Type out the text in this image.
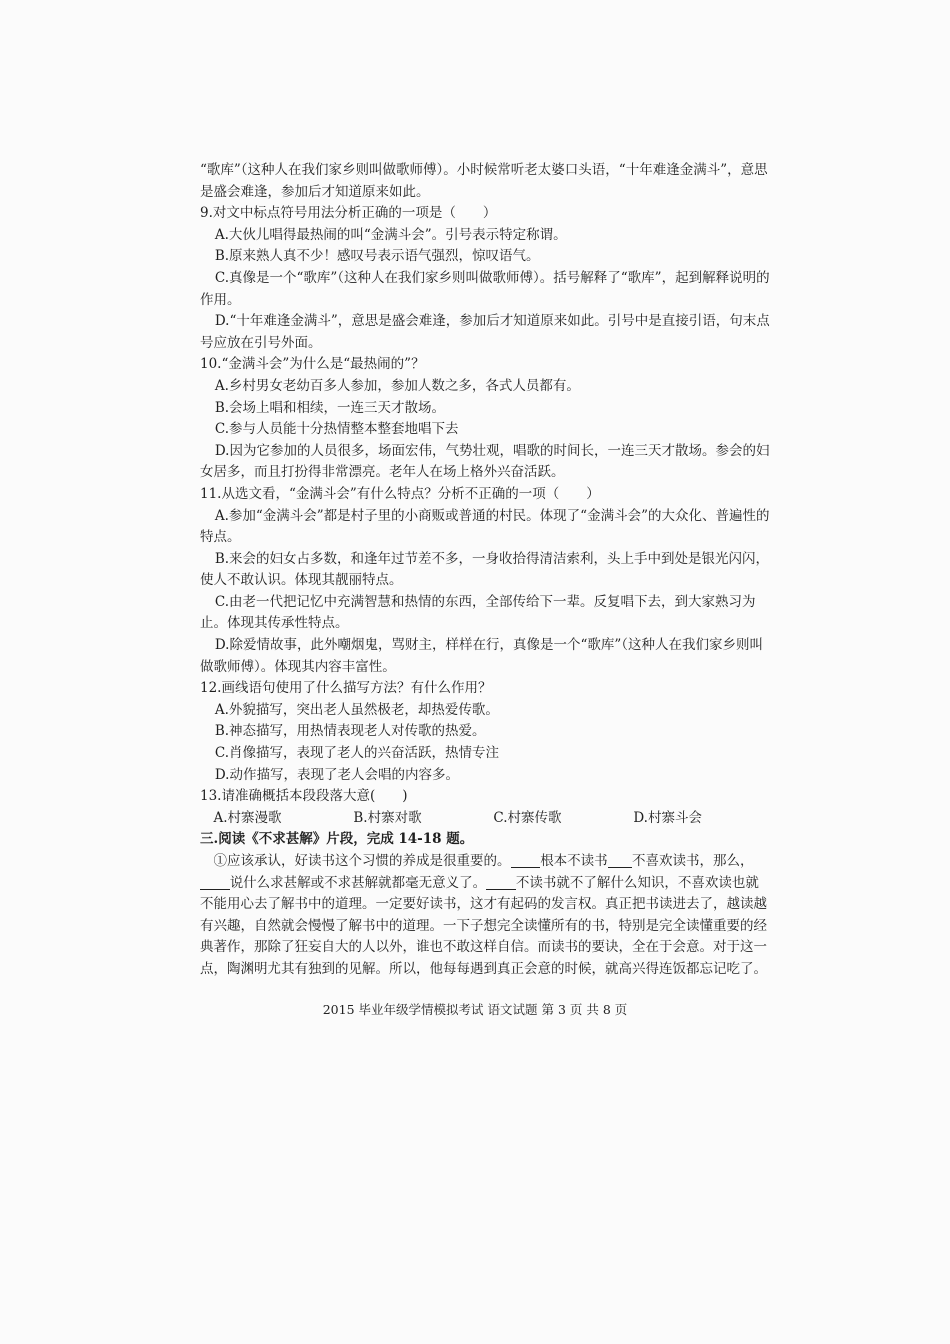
“歌库”（这种人在我们家乡则叫做歌师傅）。小时候常听老太婆口头语，“十年难逢金满斗”，意思是盛会难逢，参加后才知道原来如此。

9.对文中标点符号用法分析正确的一项是（　　）

A.大伙儿唱得最热闹的叫“金满斗会”。引号表示特定称谓。

B.原来熟人真不少！感叹号表示语气强烈，惊叹语气。

C.真像是一个“歌库”（这种人在我们家乡则叫做歌师傅）。括号解释了“歌库”，起到解释说明的作用。

D.“十年难逢金满斗”，意思是盛会难逢，参加后才知道原来如此。引号中是直接引语，句末点号应放在引号外面。

10.“金满斗会”为什么是“最热闹的”？

A.乡村男女老幼百多人参加，参加人数之多，各式人员都有。

B.会场上唱和相续，一连三天才散场。

C.参与人员能十分热情整本整套地唱下去

D.因为它参加的人员很多，场面宏伟，气势壮观，唱歌的时间长，一连三天才散场。参会的妇女居多，而且打扮得非常漂亮。老年人在场上格外兴奋活跃。

11.从选文看，“金满斗会”有什么特点？分析不正确的一项（　　）

A.参加“金满斗会”都是村子里的小商贩或普通的村民。体现了“金满斗会”的大众化、普遍性的特点。

B.来会的妇女占多数，和逢年过节差不多，一身收拾得清洁索利，头上手中到处是银光闪闪，使人不敢认识。体现其靓丽特点。

C.由老一代把记忆中充满智慧和热情的东西，全部传给下一辈。反复唱下去，到大家熟习为止。体现其传承性特点。

D.除爱情故事，此外嘲烟鬼，骂财主，样样在行，真像是一个“歌库”（这种人在我们家乡则叫做歌师傅）。体现其内容丰富性。

12.画线语句使用了什么描写方法？有什么作用？

A.外貌描写，突出老人虽然极老，却热爱传歌。

B.神态描写，用热情表现老人对传歌的热爱。

C.肖像描写，表现了老人的兴奋活跃，热情专注

D.动作描写，表现了老人会唱的内容多。

13.请准确概括本段段落大意(　　)

A.村寨漫歌	B.村寨对歌	C.村寨传歌	D.村寨斗会

三.阅读《不求甚解》片段，完成 14-18 题。

①应该承认，好读书这个习惯的养成是很重要的。 根本不读书 不喜欢读书，那么，说什么求甚解或不求甚解就都毫无意义了。 不读书就不了解什么知识，不喜欢读也就不能用心去了解书中的道理。一定要好读书，这才有起码的发言权。真正把书读进去了，越读越有兴趣，自然就会慢慢了解书中的道理。一下子想完全读懂所有的书，特别是完全读懂重要的经典著作，那除了狂妄自大的人以外，谁也不敢这样自信。而读书的要诀，全在于会意。对于这一点，陶渊明尤其有独到的见解。所以，他每每遇到真正会意的时候，就高兴得连饭都忘记吃了。

2015 毕业年级学情模拟考试 语文试题 第 3 页 共 8 页
